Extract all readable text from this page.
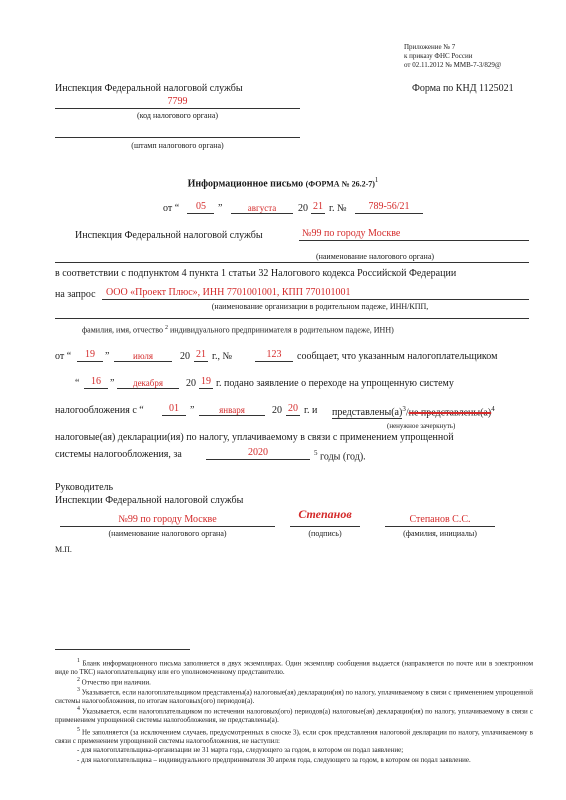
Приложение № 7
к приказу ФНС России
от 02.11.2012 № ММВ-7-3/829@
Инспекция Федеральной налоговой службы	Форма по КНД 1125021
7799
(код налогового органа)
(штамп налогового органа)
Информационное письмо (ФОРМА № 26.2-7)$^1$
от “	05	”	августа	20 21 г. №	789-56/21
Инспекция Федеральной налоговой службы	№99 по городу Москве
(наименование налогового органа)
в соответствии с подпунктом 4 пункта 1 статьи 32 Налогового кодекса Российской Федерации
на запрос ООО «Проект Плюс», ИНН 7701001001, КПП 770101001
(наименование организации в родительном падеже, ИНН/КПП,
фамилия, имя, отчество $^2$ индивидуального предпринимателя в родительном падеже, ИНН)
от “	19	”	июля	20 21 г., №	123	сообщает, что указанным налогоплательщиком
“	16 ”	декабря	20 19 г. подано заявление о переходе на упрощенную систему
налогообложения с “	01	”	января	20 20 г. и $представлены(а)^3/не$ $представлены(а)^4$
(ненужное зачеркнуть)
налоговые(ая) декларации(ия) по налогу, уплачиваемому в связи с применением упрощенной
системы налогообложения, за	2020	$^5$ годы (год).
Руководитель
Инспекции Федеральной налоговой службы
№99 по городу Москве
(наименование налогового органа)
Степанов
(подпись)
Степанов С.С.
(фамилия, инициалы)
М.П.
$^1$ Бланк информационного письма заполняется в двух экземплярах. Один экземпляр сообщения выдается (направляется по почте или в электронном виде по ТКС) налогоплательщику или его уполномоченному представителю.
$^2$ Отчество при наличии.
$^3$ Указывается, если налогоплательщиком представлены(а) налоговые(ая) декларации(ия) по налогу, уплачиваемому в связи с применением упрощенной системы налогообложения, по итогам налоговых(ого) периодов(а).
$^4$ Указывается, если налогоплательщиком по истечении налоговых(ого) периодов(а) налоговые(ая) декларации(ия) по налогу, уплачиваемому в связи с применением упрощенной системы налогообложения, не представлены(а).
$^5$ Не заполняется (за исключением случаев, предусмотренных в сноске 3), если срок представления налоговой декларации по налогу, уплачиваемому в связи с применением упрощенной системы налогообложения, не наступил:
- для налогоплательщика-организации не 31 марта года, следующего за годом, в котором он подал заявление;
- для налогоплательщика – индивидуального предпринимателя 30 апреля года, следующего за годом, в котором он подал заявление.
